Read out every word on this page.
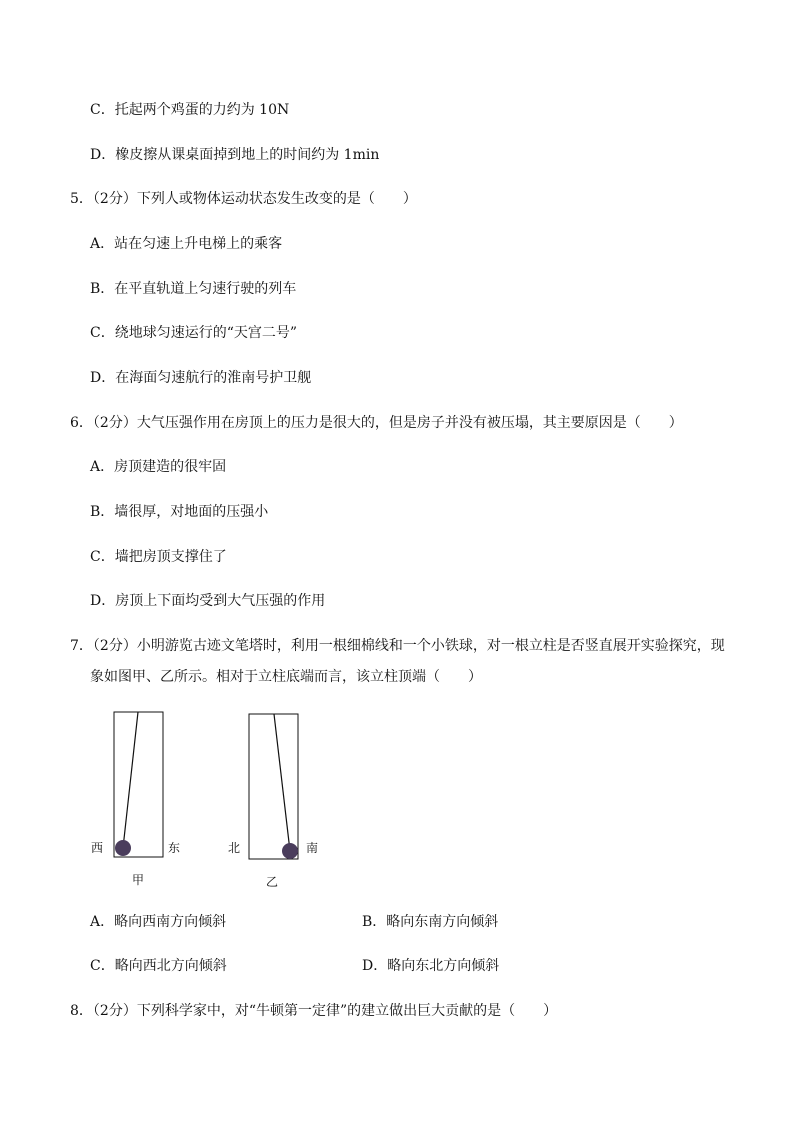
C．托起两个鸡蛋的力约为 10N
D．橡皮擦从课桌面掉到地上的时间约为 1min
5．（2分）下列人或物体运动状态发生改变的是（　　）
A．站在匀速上升电梯上的乘客
B．在平直轨道上匀速行驶的列车
C．绕地球匀速运行的“天宫二号”
D．在海面匀速航行的淮南号护卫舰
6．（2分）大气压强作用在房顶上的压力是很大的，但是房子并没有被压塌，其主要原因是（　　）
A．房顶建造的很牢固
B．墙很厚，对地面的压强小
C．墙把房顶支撑住了
D．房顶上下面均受到大气压强的作用
7．（2分）小明游览古迹文笔塔时，利用一根细棉线和一个小铁球，对一根立柱是否竖直展开实验探究，现
象如图甲、乙所示。相对于立柱底端而言，该立柱顶端（　　）
西	东
甲
北	南
乙
A．略向西南方向倾斜	B．略向东南方向倾斜
C．略向西北方向倾斜	D．略向东北方向倾斜
8．（2分）下列科学家中，对“牛顿第一定律”的建立做出巨大贡献的是（　　）
